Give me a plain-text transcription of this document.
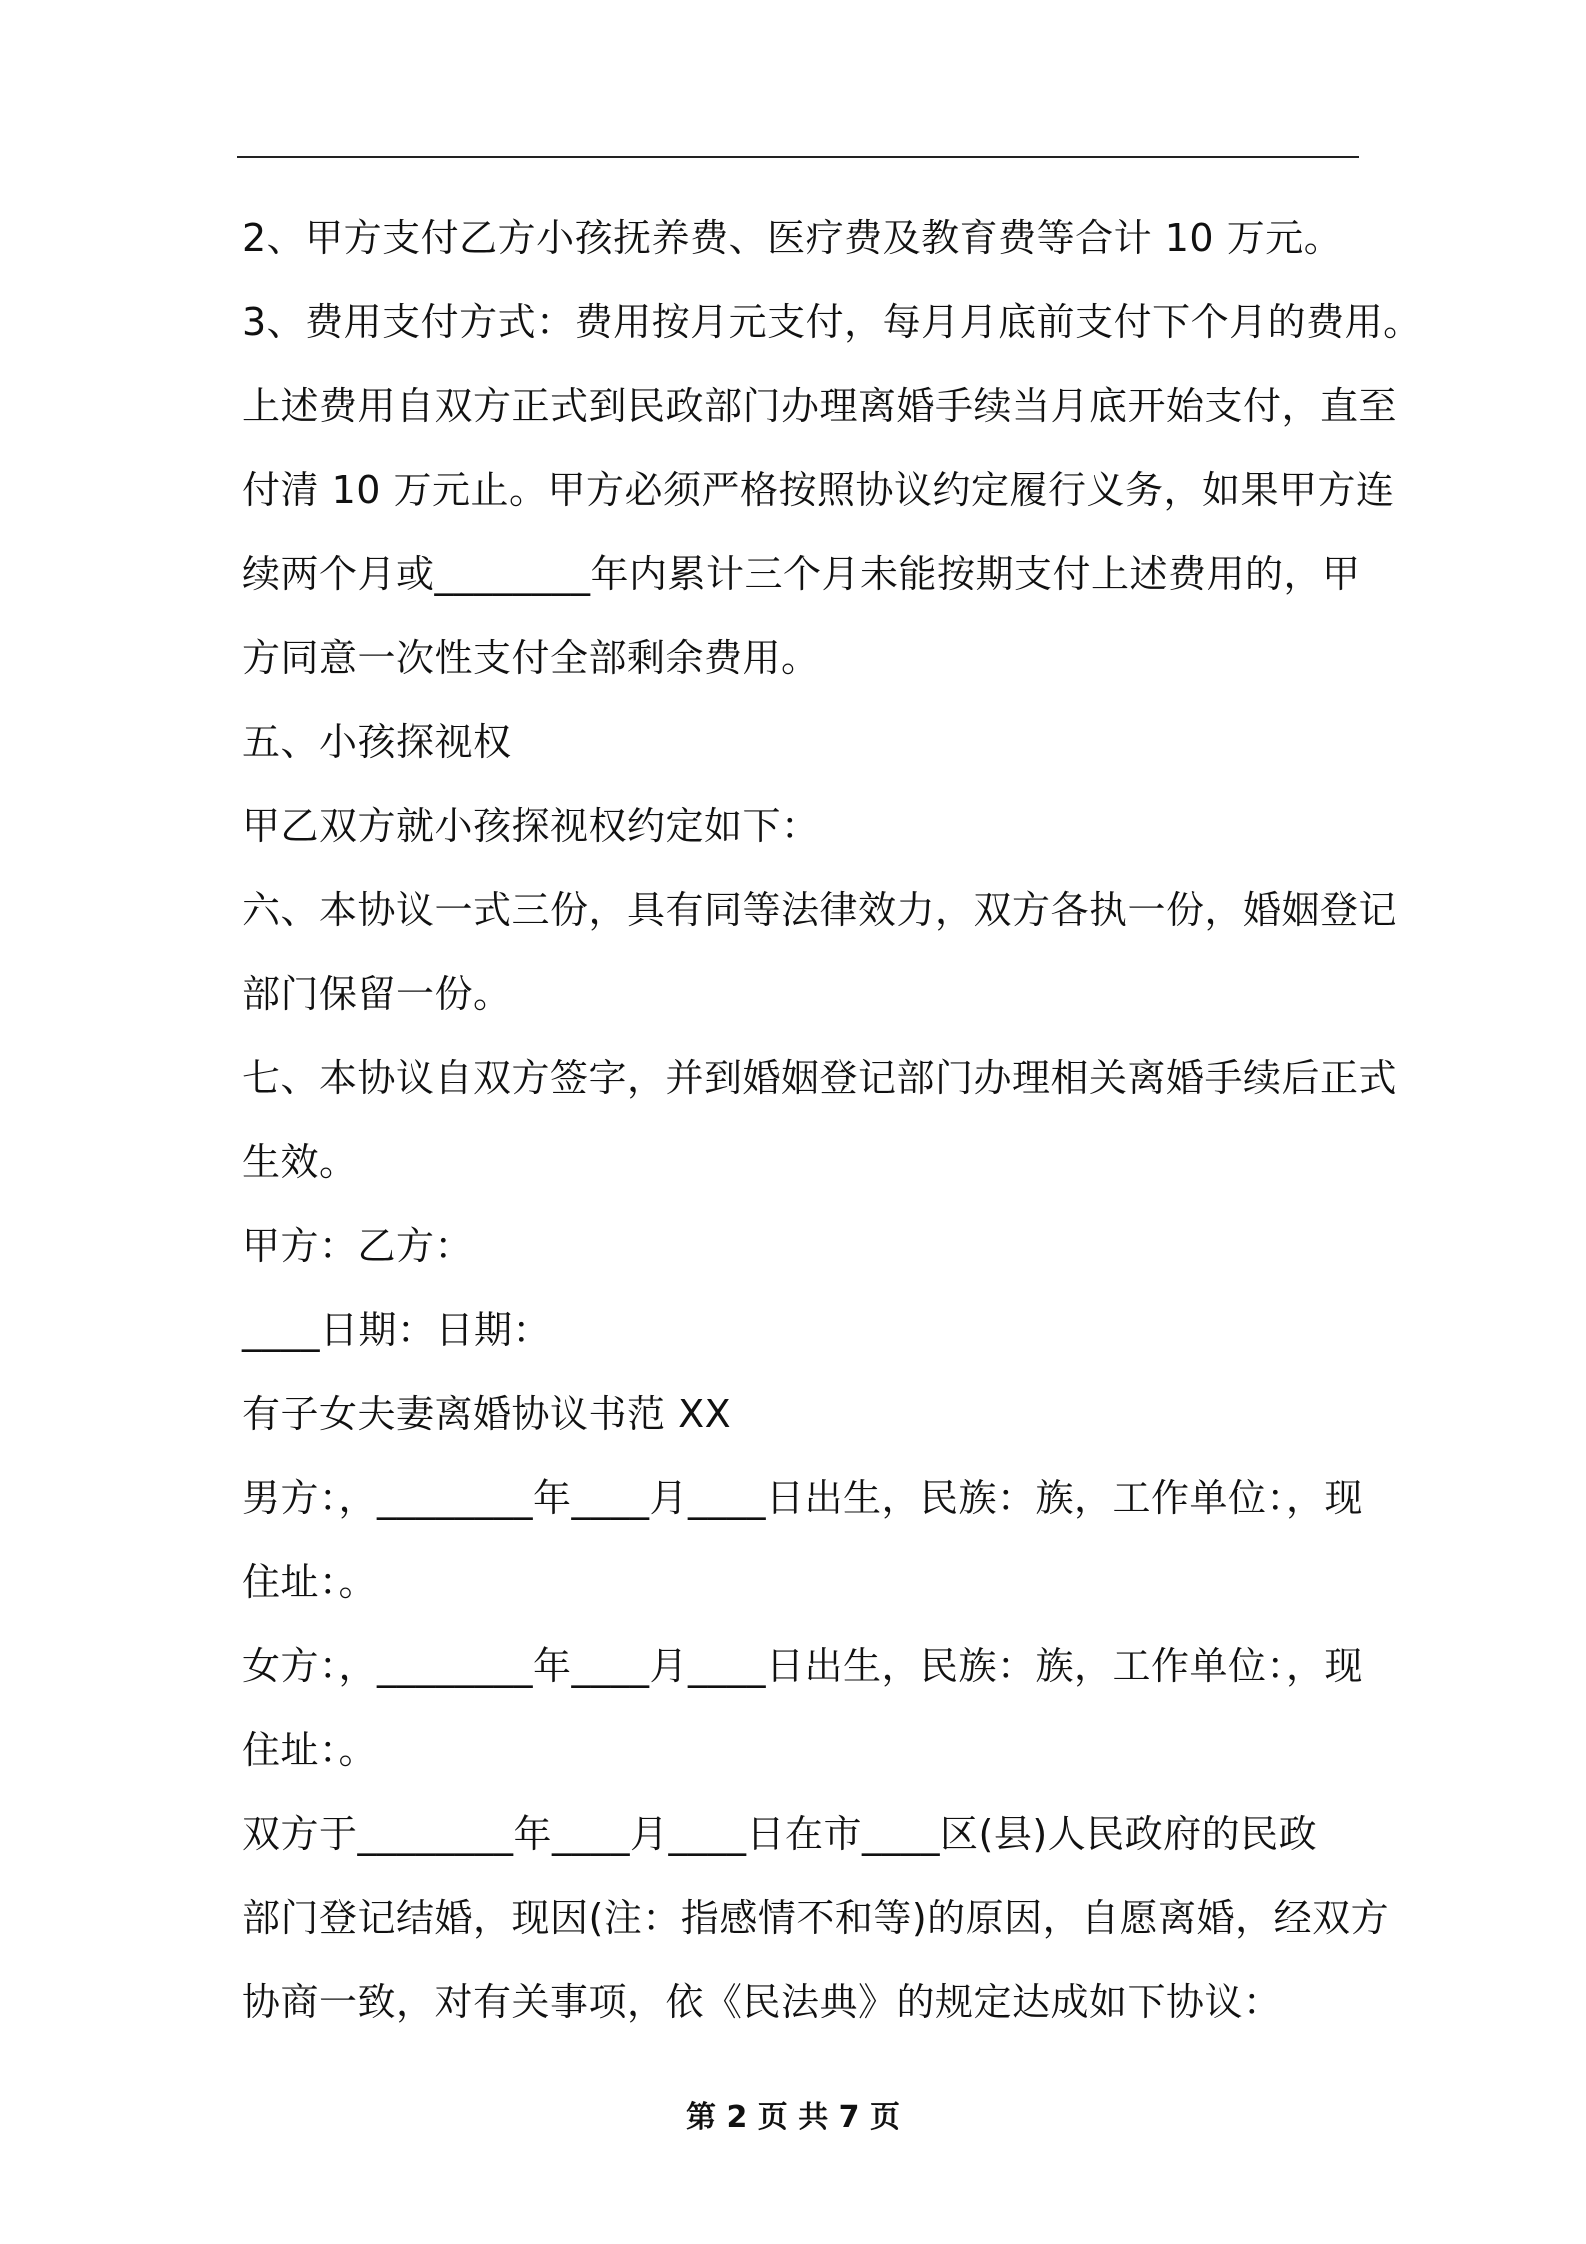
2、甲方支付乙方小孩抚养费、医疗费及教育费等合计 10 万元。
3、费用支付方式：费用按月元支付，每月月底前支付下个月的费用。
上述费用自双方正式到民政部门办理离婚手续当月底开始支付，直至
付清 10 万元止。甲方必须严格按照协议约定履行义务，如果甲方连
续两个月或________年内累计三个月未能按期支付上述费用的，甲
方同意一次性支付全部剩余费用。
五、小孩探视权
甲乙双方就小孩探视权约定如下：
六、本协议一式三份，具有同等法律效力，双方各执一份，婚姻登记
部门保留一份。
七、本协议自双方签字，并到婚姻登记部门办理相关离婚手续后正式
生效。
甲方：乙方：
____日期：日期：
有子女夫妻离婚协议书范 XX
男方：，________年____月____日出生，民族：族，工作单位：，现
住址：。
女方：，________年____月____日出生，民族：族，工作单位：，现
住址：。
双方于________年____月____日在市____区(县)人民政府的民政
部门登记结婚，现因(注：指感情不和等)的原因，自愿离婚，经双方
协商一致，对有关事项，依《民法典》的规定达成如下协议：
第 2 页 共 7 页
